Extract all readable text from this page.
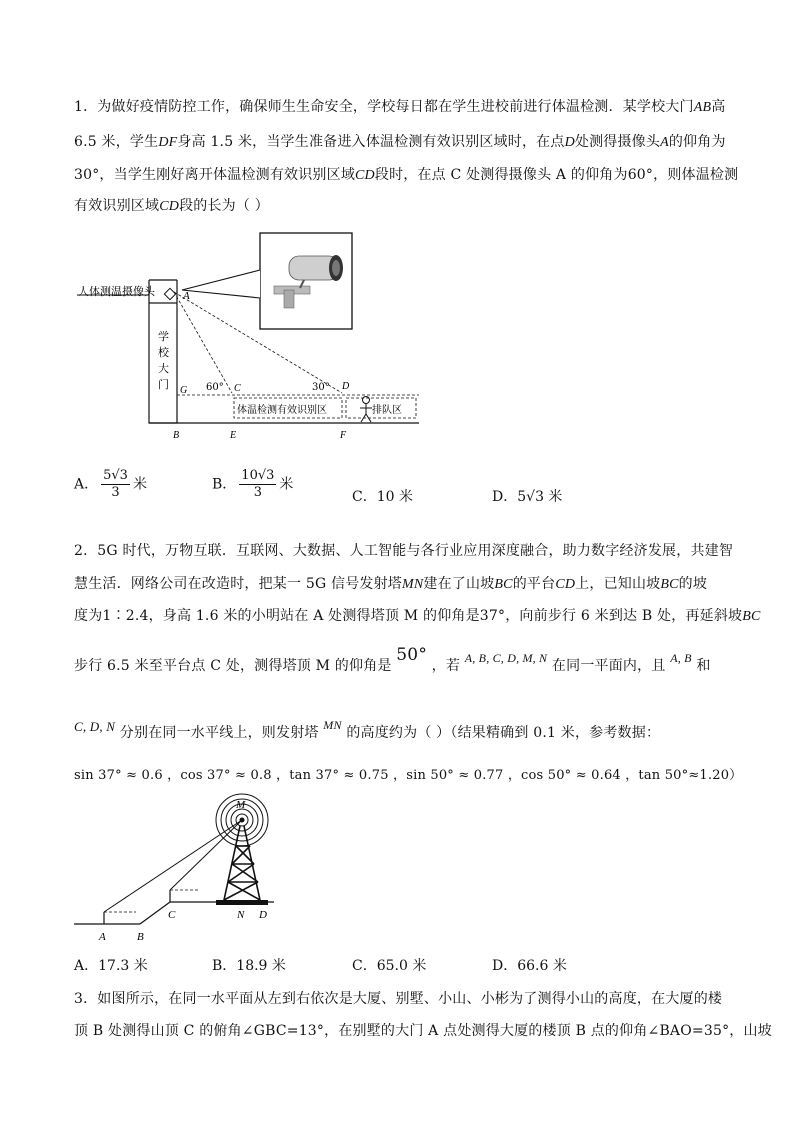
1．为做好疫情防控工作，确保师生生命安全，学校每日都在学生进校前进行体温检测．某学校大门AB高
6.5 米，学生DF身高 1.5 米，当学生准备进入体温检测有效识别区域时，在点D处测得摄像头A的仰角为
30°，当学生刚好离开体温检测有效识别区域CD段时，在点 C 处测得摄像头 A 的仰角为60°，则体温检测
有效识别区域CD段的长为（ ）
人体测温摄像头	A
学
校
大
门 G 60° C	30° D
体温检测有效识别区	排队区
B	E	F
A． $\frac{5√3}{3}$ 米	B． $\frac{10√3}{3}$ 米
C．10 米	D．5√3 米
2．5G 时代，万物互联．互联网、大数据、人工智能与各行业应用深度融合，助力数字经济发展，共建智
慧生活．网络公司在改造时，把某一 5G 信号发射塔MN建在了山坡BC的平台CD上，已知山坡BC的坡
度为1∶2.4，身高 1.6 米的小明站在 A 处测得塔顶 M 的仰角是37°，向前步行 6 米到达 B 处，再延斜坡BC
步行 6.5 米至平台点 C 处，测得塔顶 M 的仰角是 50° ，若 A, B, C, D, M, N 在同一平面内，且 A, B 和
C, D, N 分别在同一水平线上，则发射塔 MN 的高度约为（ ）（结果精确到 0.1 米，参考数据：
sin 37° ≈ 0.6 ，cos 37° ≈ 0.8 ，tan 37° ≈ 0.75 ，sin 50° ≈ 0.77 ，cos 50° ≈ 0.64 ，tan 50°≈1.20）
M
A	B
C	N D
A．17.3 米	B．18.9 米	C．65.0 米	D．66.6 米
3．如图所示，在同一水平面从左到右依次是大厦、别墅、小山、小彬为了测得小山的高度，在大厦的楼
顶 B 处测得山顶 C 的俯角∠GBC=13°，在别墅的大门 A 点处测得大厦的楼顶 B 点的仰角∠BAO=35°，山坡
